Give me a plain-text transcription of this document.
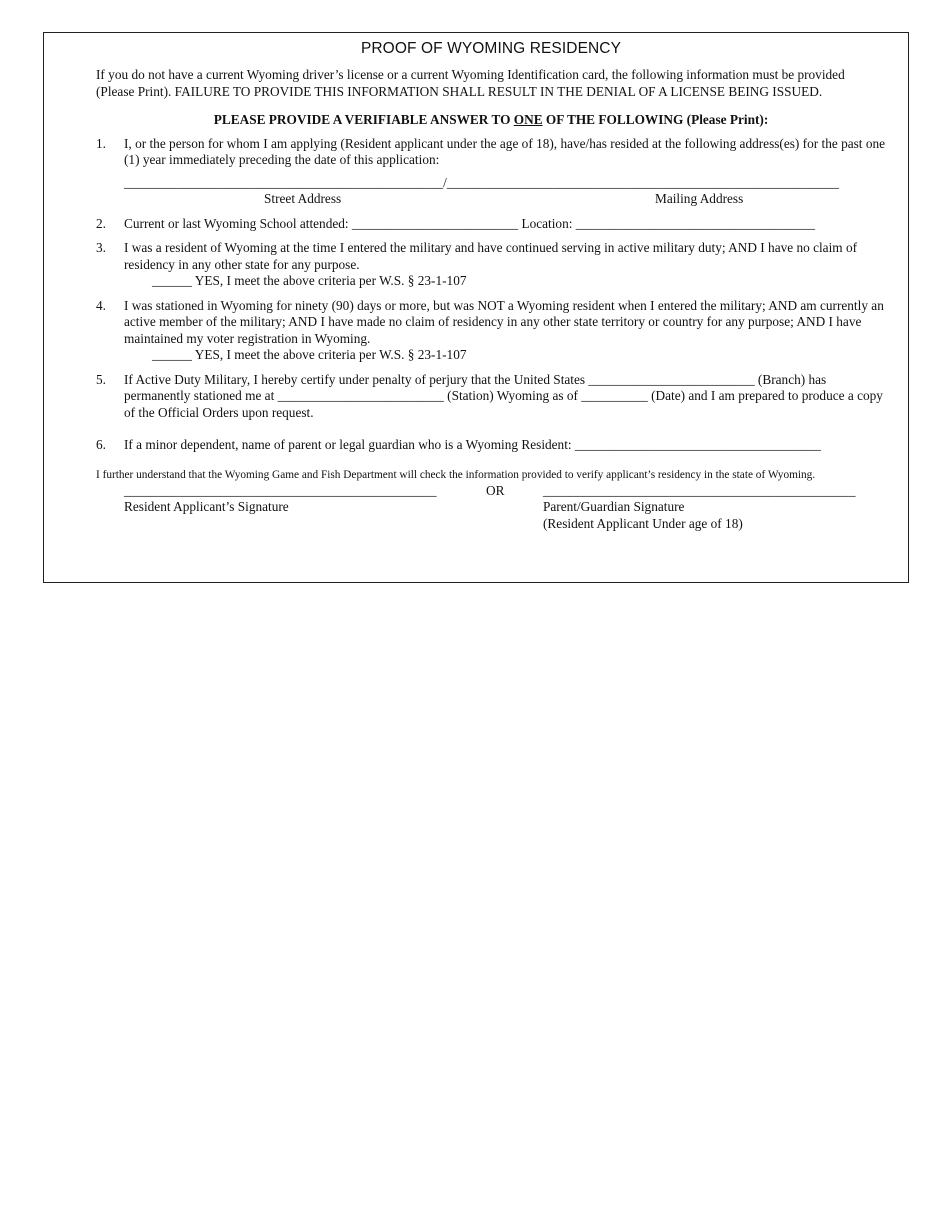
PROOF OF WYOMING RESIDENCY

If you do not have a current Wyoming driver’s license or a current Wyoming Identification card, the following information must be provided

(Please Print). FAILURE TO PROVIDE THIS INFORMATION SHALL RESULT IN THE DENIAL OF A LICENSE BEING ISSUED.

PLEASE PROVIDE A VERIFIABLE ANSWER TO ONE OF THE FOLLOWING (Please Print):
1. I, or the person for whom I am applying (Resident applicant under the age of 18), have/has resided at the following address(es) for the past one (1) year immediately preceding the date of this application:
________________________________________________/___________________________________________________________
Street Address	Mailing Address
2. Current or last Wyoming School attended: _________________________ Location: ____________________________________
3. I was a resident of Wyoming at the time I entered the military and have continued serving in active military duty; AND I have no claim of residency in any other state for any purpose.
______ YES, I meet the above criteria per W.S. § 23-1-107
4. I was stationed in Wyoming for ninety (90) days or more, but was NOT a Wyoming resident when I entered the military; AND am currently an active member of the military; AND I have made no claim of residency in any other state territory or country for any purpose; AND I have maintained my voter registration in Wyoming.
______ YES, I meet the above criteria per W.S. § 23-1-107
5. If Active Duty Military, I hereby certify under penalty of perjury that the United States _________________________ (Branch) has permanently stationed me at _________________________ (Station) Wyoming as of __________ (Date) and I am prepared to produce a copy of the Official Orders upon request.
6. If a minor dependent, name of parent or legal guardian who is a Wyoming Resident: _____________________________________

I further understand that the Wyoming Game and Fish Department will check the information provided to verify applicant’s residency in the state of Wyoming.

_______________________________________________
Resident Applicant’s Signature
OR	_______________________________________________
Parent/Guardian Signature
(Resident Applicant Under age of 18)
